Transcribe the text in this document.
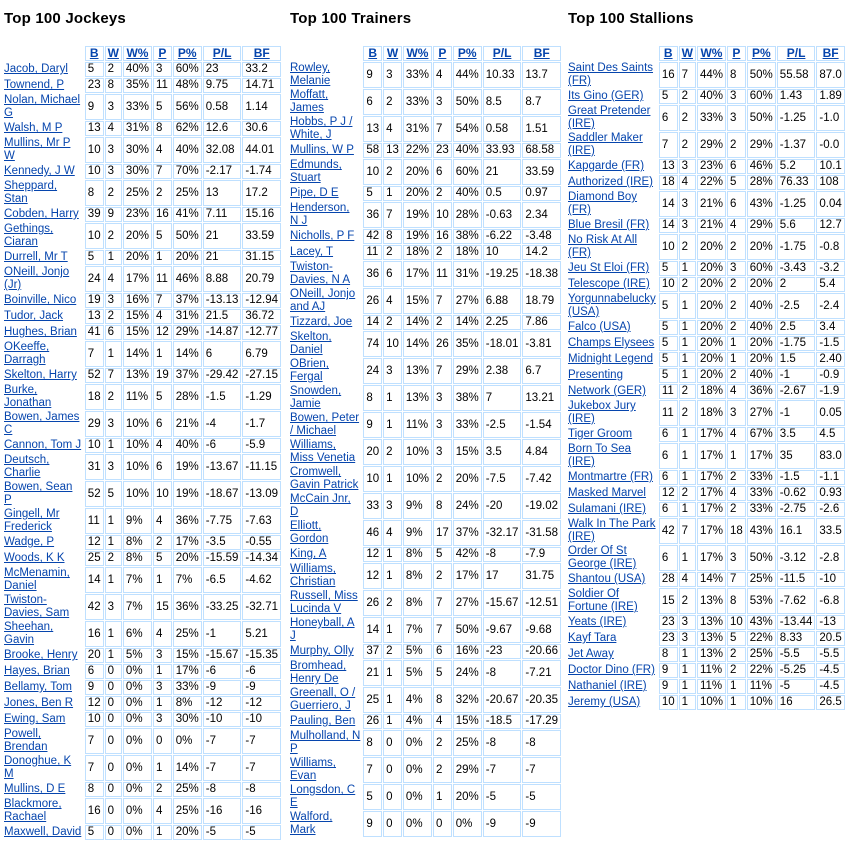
Top 100 Jockeys
	B	W	W%	P	P%	P/L	BF

Jacob, Daryl	5	2	40%	3	60%	23	33.2

Townend, P	23	8	35%	11	48%	9.75	14.71

Nolan, Michael G	9	3	33%	5	56%	0.58	1.14

Walsh, M P	13	4	31%	8	62%	12.6	30.6

Mullins, Mr P W	10	3	30%	4	40%	32.08	44.01

Kennedy, J W	10	3	30%	7	70%	-2.17	-1.74

Sheppard, Stan	8	2	25%	2	25%	13	17.2

Cobden, Harry	39	9	23%	16	41%	7.11	15.16

Gethings, Ciaran	10	2	20%	5	50%	21	33.59

Durrell, Mr T	5	1	20%	1	20%	21	31.15

ONeill, Jonjo (Jr)	24	4	17%	11	46%	8.88	20.79

Boinville, Nico	19	3	16%	7	37%	-13.13	-12.94

Tudor, Jack	13	2	15%	4	31%	21.5	36.72

Hughes, Brian	41	6	15%	12	29%	-14.87	-12.77

OKeeffe, Darragh	7	1	14%	1	14%	6	6.79

Skelton, Harry	52	7	13%	19	37%	-29.42	-27.15

Burke, Jonathan	18	2	11%	5	28%	-1.5	-1.29

Bowen, James C	29	3	10%	6	21%	-4	-1.7

Cannon, Tom J	10	1	10%	4	40%	-6	-5.9

Deutsch, Charlie	31	3	10%	6	19%	-13.67	-11.15

Bowen, Sean P	52	5	10%	10	19%	-18.67	-13.09

Gingell, Mr Frederick	11	1	9%	4	36%	-7.75	-7.63

Wadge, P	12	1	8%	2	17%	-3.5	-0.55

Woods, K K	25	2	8%	5	20%	-15.59	-14.34

McMenamin, Daniel	14	1	7%	1	7%	-6.5	-4.62

Twiston-Davies, Sam	42	3	7%	15	36%	-33.25	-32.71

Sheehan, Gavin	16	1	6%	4	25%	-1	5.21

Brooke, Henry	20	1	5%	3	15%	-15.67	-15.35

Hayes, Brian	6	0	0%	1	17%	-6	-6

Bellamy, Tom	9	0	0%	3	33%	-9	-9

Jones, Ben R	12	0	0%	1	8%	-12	-12

Ewing, Sam	10	0	0%	3	30%	-10	-10

Powell, Brendan	7	0	0%	0	0%	-7	-7

Donoghue, K M	7	0	0%	1	14%	-7	-7

Mullins, D E	8	0	0%	2	25%	-8	-8

Blackmore, Rachael	16	0	0%	4	25%	-16	-16

Maxwell, David	5	0	0%	1	20%	-5	-5
Top 100 Trainers
	B	W	W%	P	P%	P/L	BF

Rowley, Melanie	9	3	33%	4	44%	10.33	13.7

Moffatt, James	6	2	33%	3	50%	8.5	8.7

Hobbs, P J / White, J	13	4	31%	7	54%	0.58	1.51

Mullins, W P	58	13	22%	23	40%	33.93	68.58

Edmunds, Stuart	10	2	20%	6	60%	21	33.59

Pipe, D E	5	1	20%	2	40%	0.5	0.97

Henderson, N J	36	7	19%	10	28%	-0.63	2.34

Nicholls, P F	42	8	19%	16	38%	-6.22	-3.48

Lacey, T	11	2	18%	2	18%	10	14.2

Twiston-Davies, N A	36	6	17%	11	31%	-19.25	-18.38

ONeill, Jonjo and AJ	26	4	15%	7	27%	6.88	18.79

Tizzard, Joe	14	2	14%	2	14%	2.25	7.86

Skelton, Daniel	74	10	14%	26	35%	-18.01	-3.81

OBrien, Fergal	24	3	13%	7	29%	2.38	6.7

Snowden, Jamie	8	1	13%	3	38%	7	13.21

Bowen, Peter / Michael	9	1	11%	3	33%	-2.5	-1.54

Williams, Miss Venetia	20	2	10%	3	15%	3.5	4.84

Cromwell, Gavin Patrick	10	1	10%	2	20%	-7.5	-7.42

McCain Jnr, D	33	3	9%	8	24%	-20	-19.02

Elliott, Gordon	46	4	9%	17	37%	-32.17	-31.58

King, A	12	1	8%	5	42%	-8	-7.9

Williams, Christian	12	1	8%	2	17%	17	31.75

Russell, Miss Lucinda V	26	2	8%	7	27%	-15.67	-12.51

Honeyball, A J	14	1	7%	7	50%	-9.67	-9.68

Murphy, Olly	37	2	5%	6	16%	-23	-20.66

Bromhead, Henry De	21	1	5%	5	24%	-8	-7.21

Greenall, O / Guerriero, J	25	1	4%	8	32%	-20.67	-20.35

Pauling, Ben	26	1	4%	4	15%	-18.5	-17.29

Mulholland, N P	8	0	0%	2	25%	-8	-8

Williams, Evan	7	0	0%	2	29%	-7	-7

Longsdon, C E	5	0	0%	1	20%	-5	-5

Walford, Mark	9	0	0%	0	0%	-9	-9
Top 100 Stallions
	B	W	W%	P	P%	P/L	BF

Saint Des Saints (FR)	16	7	44%	8	50%	55.58	87.0

Its Gino (GER)	5	2	40%	3	60%	1.43	1.89

Great Pretender (IRE)	6	2	33%	3	50%	-1.25	-1.0

Saddler Maker (IRE)	7	2	29%	2	29%	-1.37	-0.0

Kapgarde (FR)	13	3	23%	6	46%	5.2	10.1

Authorized (IRE)	18	4	22%	5	28%	76.33	108

Diamond Boy (FR)	14	3	21%	6	43%	-1.25	0.04

Blue Bresil (FR)	14	3	21%	4	29%	5.6	12.7

No Risk At All (FR)	10	2	20%	2	20%	-1.75	-0.8

Jeu St Eloi (FR)	5	1	20%	3	60%	-3.43	-3.2

Telescope (IRE)	10	2	20%	2	20%	2	5.4

Yorgunnabelucky (USA)	5	1	20%	2	40%	-2.5	-2.4

Falco (USA)	5	1	20%	2	40%	2.5	3.4

Champs Elysees	5	1	20%	1	20%	-1.75	-1.5

Midnight Legend	5	1	20%	1	20%	1.5	2.40

Presenting	5	1	20%	2	40%	-1	-0.9

Network (GER)	11	2	18%	4	36%	-2.67	-1.9

Jukebox Jury (IRE)	11	2	18%	3	27%	-1	0.05

Tiger Groom	6	1	17%	4	67%	3.5	4.5

Born To Sea (IRE)	6	1	17%	1	17%	35	83.0

Montmartre (FR)	6	1	17%	2	33%	-1.5	-1.1

Masked Marvel	12	2	17%	4	33%	-0.62	0.93

Sulamani (IRE)	6	1	17%	2	33%	-2.75	-2.6

Walk In The Park (IRE)	42	7	17%	18	43%	16.1	33.5

Order Of St George (IRE)	6	1	17%	3	50%	-3.12	-2.8

Shantou (USA)	28	4	14%	7	25%	-11.5	-10

Soldier Of Fortune (IRE)	15	2	13%	8	53%	-7.62	-6.8

Yeats (IRE)	23	3	13%	10	43%	-13.44	-13

Kayf Tara	23	3	13%	5	22%	8.33	20.5

Jet Away	8	1	13%	2	25%	-5.5	-5.5

Doctor Dino (FR)	9	1	11%	2	22%	-5.25	-4.5

Nathaniel (IRE)	9	1	11%	1	11%	-5	-4.5

Jeremy (USA)	10	1	10%	1	10%	16	26.5
